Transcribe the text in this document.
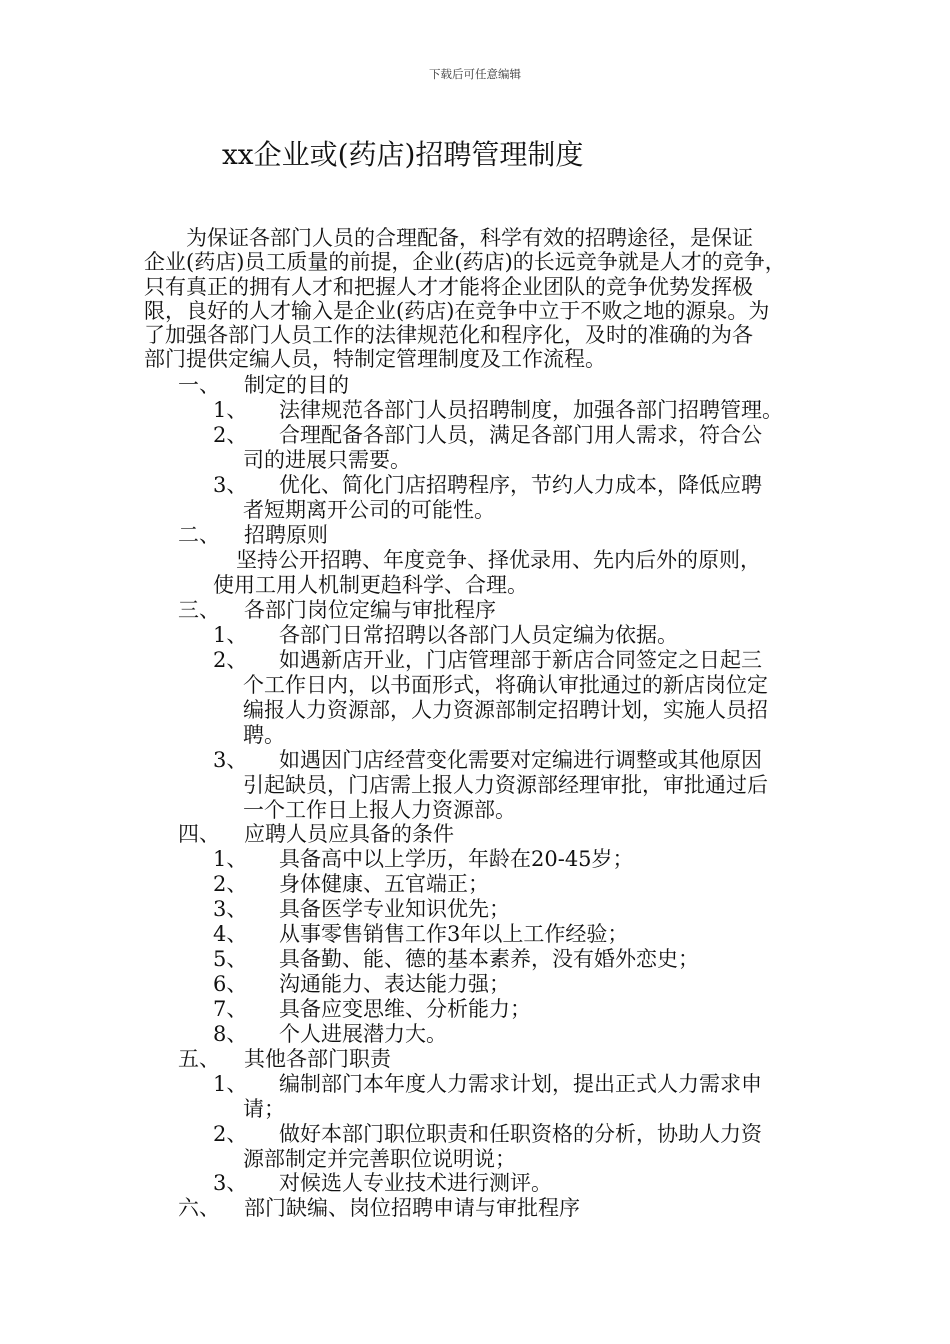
下载后可任意编辑
xx企业或(药店)招聘管理制度
为保证各部门人员的合理配备，科学有效的招聘途径，是保证
企业(药店)员工质量的前提，企业(药店)的长远竞争就是人才的竞争，
只有真正的拥有人才和把握人才才能将企业团队的竞争优势发挥极
限，良好的人才输入是企业(药店)在竞争中立于不败之地的源泉。为
了加强各部门人员工作的法律规范化和程序化，及时的准确的为各
部门提供定编人员，特制定管理制度及工作流程。
一、 制定的目的
1、 法律规范各部门人员招聘制度，加强各部门招聘管理。
2、 合理配备各部门人员，满足各部门用人需求，符合公
司的进展只需要。
3、 优化、简化门店招聘程序，节约人力成本，降低应聘
者短期离开公司的可能性。
二、 招聘原则
坚持公开招聘、年度竞争、择优录用、先内后外的原则，
使用工用人机制更趋科学、合理。
三、 各部门岗位定编与审批程序
1、 各部门日常招聘以各部门人员定编为依据。
2、 如遇新店开业，门店管理部于新店合同签定之日起三
个工作日内，以书面形式，将确认审批通过的新店岗位定
编报人力资源部，人力资源部制定招聘计划，实施人员招
聘。
3、 如遇因门店经营变化需要对定编进行调整或其他原因
引起缺员，门店需上报人力资源部经理审批，审批通过后
一个工作日上报人力资源部。
四、 应聘人员应具备的条件
1、 具备高中以上学历，年龄在20-45岁；
2、 身体健康、五官端正；
3、 具备医学专业知识优先；
4、 从事零售销售工作3年以上工作经验；
5、 具备勤、能、德的基本素养，没有婚外恋史；
6、 沟通能力、表达能力强；
7、 具备应变思维、分析能力；
8、 个人进展潜力大。
五、 其他各部门职责
1、 编制部门本年度人力需求计划，提出正式人力需求申
请；
2、 做好本部门职位职责和任职资格的分析，协助人力资
源部制定并完善职位说明说；
3、 对候选人专业技术进行测评。
六、 部门缺编、岗位招聘申请与审批程序
